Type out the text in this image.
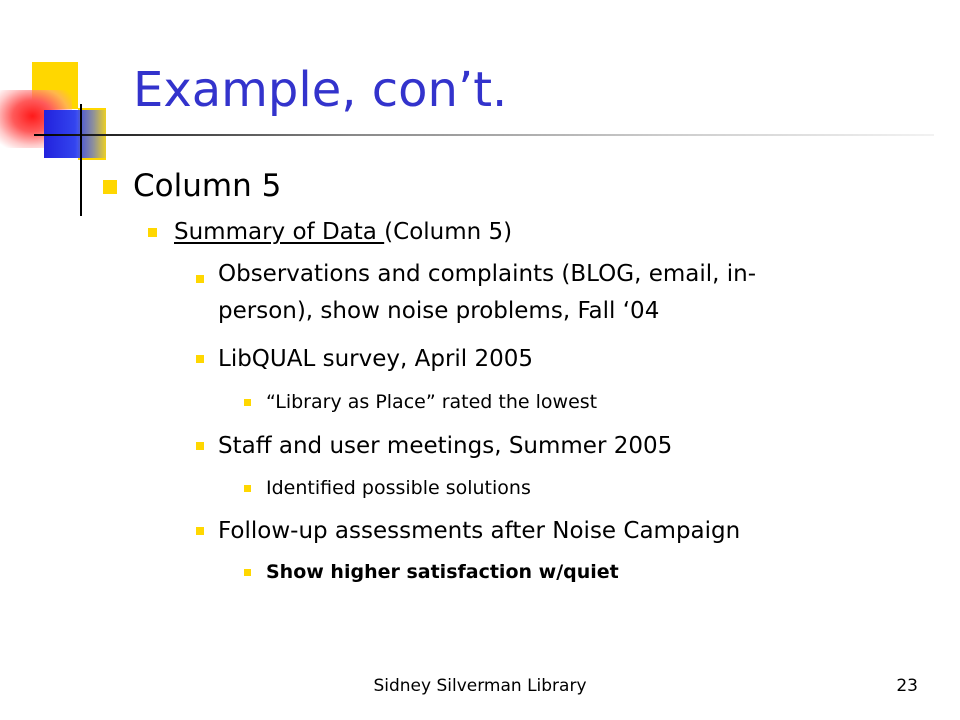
Example, con’t.
Column 5
Summary of Data (Column 5)
Observations and complaints (BLOG, email, in-
person), show noise problems, Fall ‘04
LibQUAL survey, April 2005
“Library as Place” rated the lowest
Staff and user meetings, Summer 2005
Identified possible solutions
Follow-up assessments after Noise Campaign
Show higher satisfaction w/quiet
Sidney Silverman Library	23
